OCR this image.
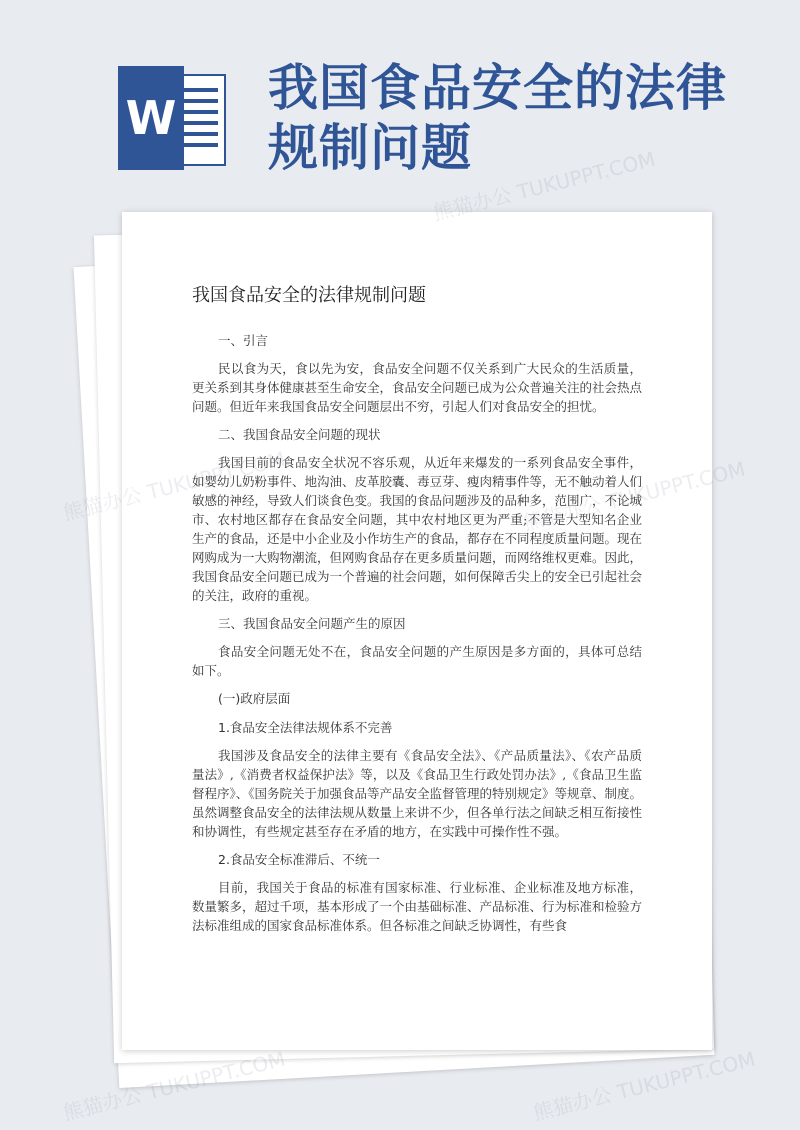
W
我国食品安全的法律规制问题
我国食品安全的法律规制问题

一、引言

民以食为天，食以先为安，食品安全问题不仅关系到广大民众的生活质量，更关系到其身体健康甚至生命安全，食品安全问题已成为公众普遍关注的社会热点问题。但近年来我国食品安全问题层出不穷，引起人们对食品安全的担忧。

二、我国食品安全问题的现状

我国目前的食品安全状况不容乐观，从近年来爆发的一系列食品安全事件，如婴幼儿奶粉事件、地沟油、皮革胶囊、毒豆芽、瘦肉精事件等，无不触动着人们敏感的神经，导致人们谈食色变。我国的食品问题涉及的品种多，范围广，不论城市、农村地区都存在食品安全问题，其中农村地区更为严重;不管是大型知名企业生产的食品，还是中小企业及小作坊生产的食品，都存在不同程度质量问题。现在网购成为一大购物潮流，但网购食品存在更多质量问题，而网络维权更难。因此，我国食品安全问题已成为一个普遍的社会问题，如何保障舌尖上的安全已引起社会的关注，政府的重视。

三、我国食品安全问题产生的原因

食品安全问题无处不在，食品安全问题的产生原因是多方面的，具体可总结如下。

(一)政府层面

1.食品安全法律法规体系不完善

我国涉及食品安全的法律主要有《食品安全法》、《产品质量法》、《农产品质量法》,《消费者权益保护法》等，以及《食品卫生行政处罚办法》,《食品卫生监督程序》、《国务院关于加强食品等产品安全监督管理的特别规定》等规章、制度。虽然调整食品安全的法律法规从数量上来讲不少，但各单行法之间缺乏相互衔接性和协调性，有些规定甚至存在矛盾的地方，在实践中可操作性不强。

2.食品安全标准滞后、不统一

目前，我国关于食品的标准有国家标准、行业标准、企业标准及地方标准，数量繁多，超过千项，基本形成了一个由基础标准、产品标准、行为标准和检验方法标准组成的国家食品标准体系。但各标准之间缺乏协调性，有些食

熊猫办公 TUKUPPT.COM
熊猫办公 TUKUPPT.COM	熊猫办公 TUKUPPT.COM
